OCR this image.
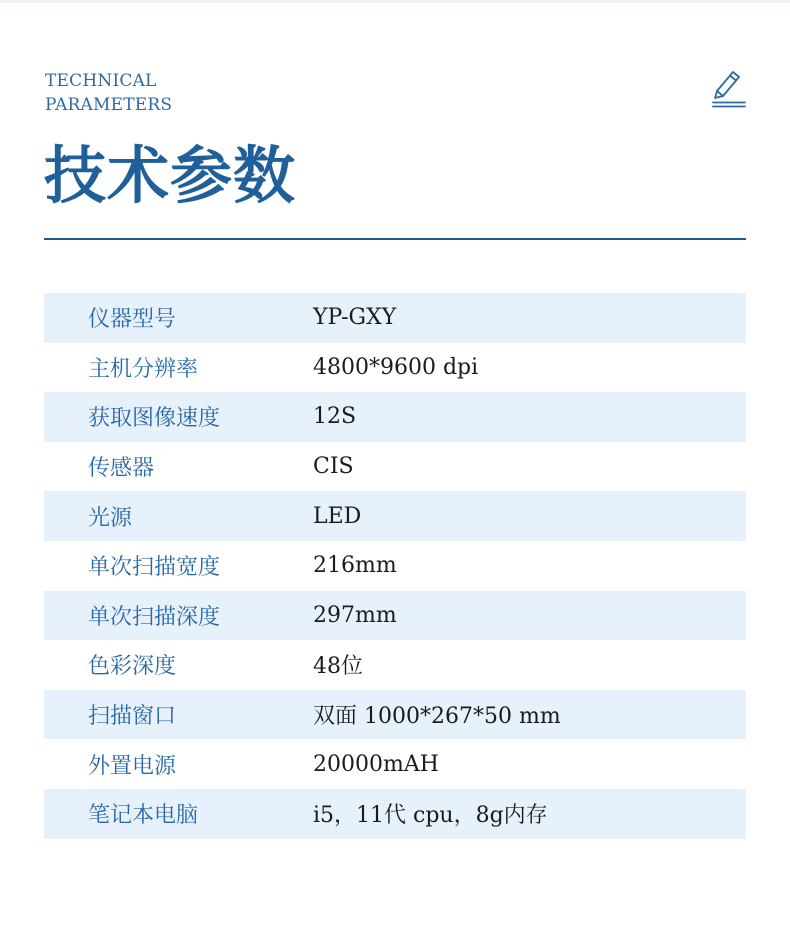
TECHNICAL
PARAMETERS
技术参数
仪器型号	YP-GXY
主机分辨率	4800*9600 dpi
获取图像速度	12S
传感器	CIS
光源	LED
单次扫描宽度	216mm
单次扫描深度	297mm
色彩深度	48位
扫描窗口	双面 1000*267*50 mm
外置电源	20000mAH
笔记本电脑	i5，11代 cpu，8g内存
